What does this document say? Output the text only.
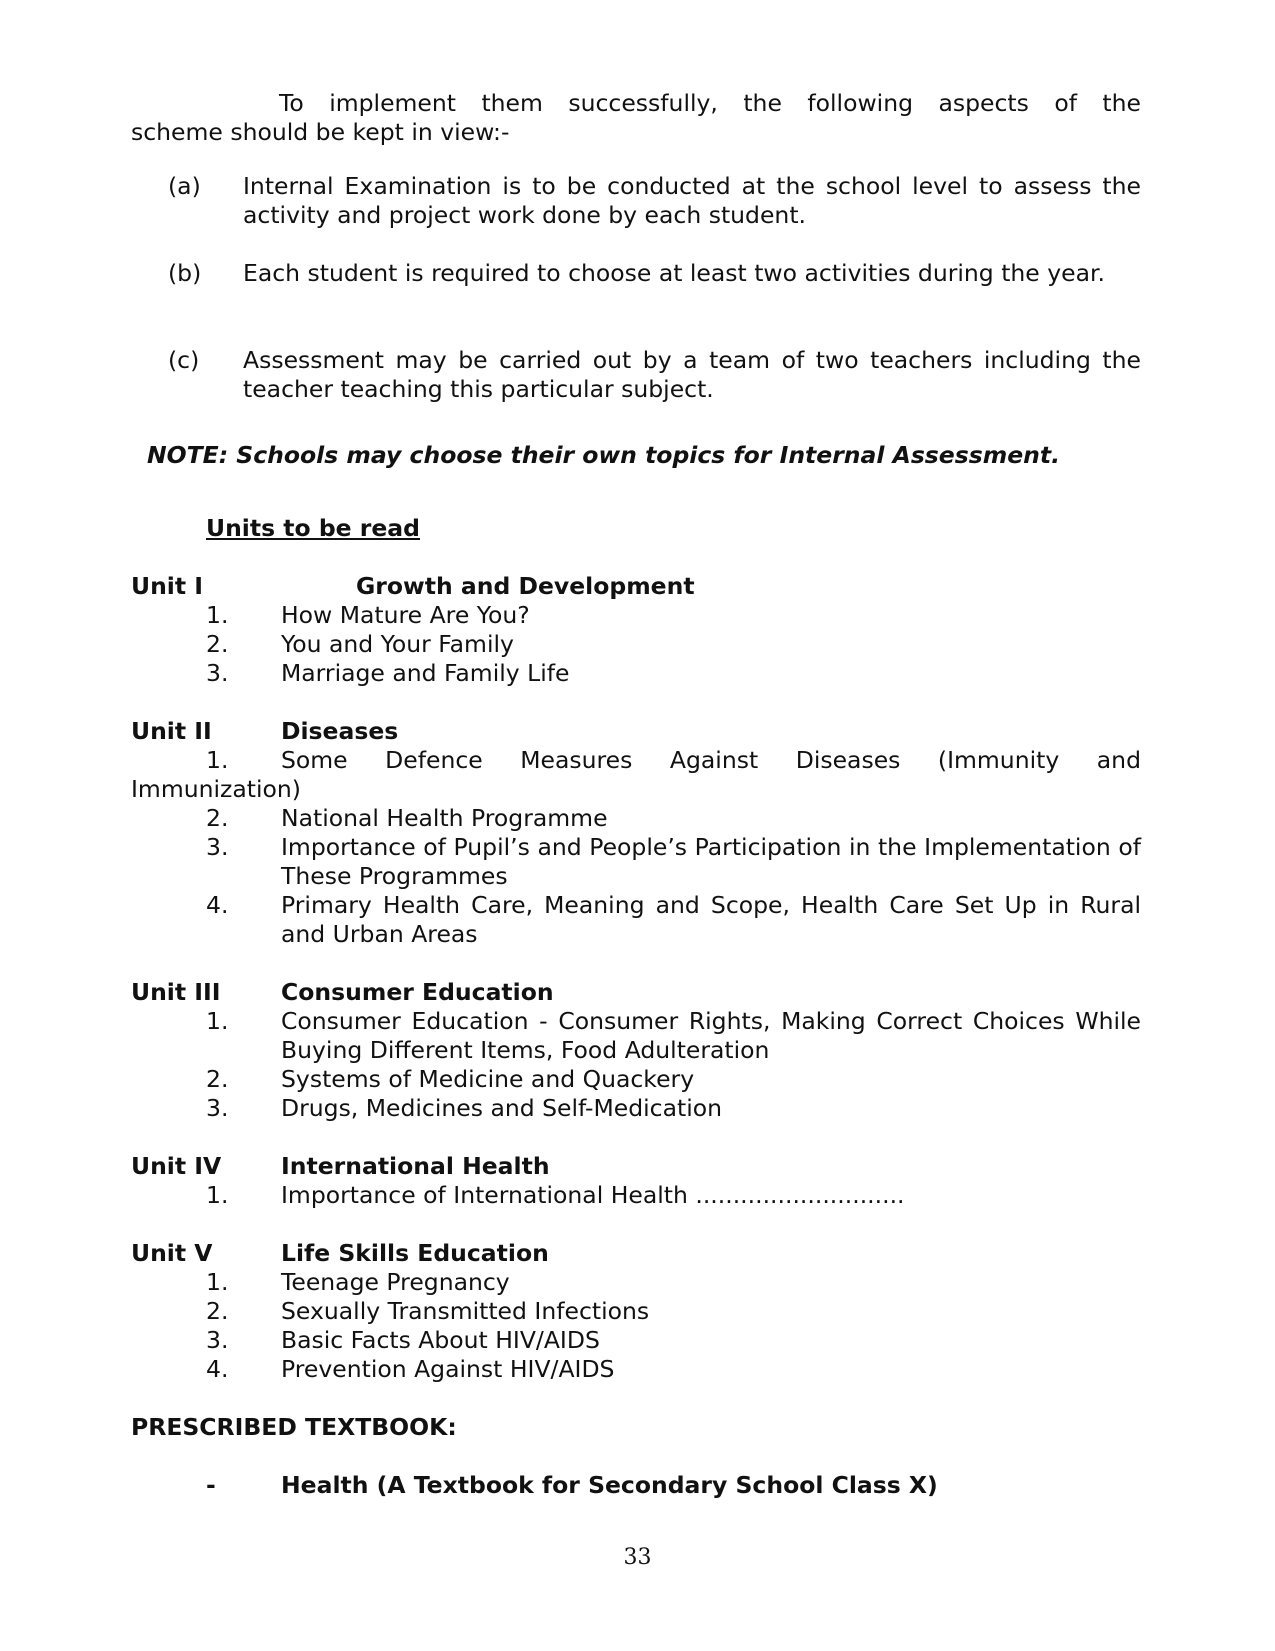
To implement them successfully, the following aspects of the
scheme should be kept in view:-
(a) Internal Examination is to be conducted at the school level to assess the activity and project work done by each student.
(b) Each student is required to choose at least two activities during the year.
(c) Assessment may be carried out by a team of two teachers including the teacher teaching this particular subject.
NOTE: Schools may choose their own topics for Internal Assessment.
Units to be read
Unit I	Growth and Development
1. How Mature Are You?
2. You and Your Family
3. Marriage and Family Life
Unit II	Diseases
1. Some Defence Measures Against Diseases (Immunity and
Immunization)
2. National Health Programme
3. Importance of Pupil’s and People’s Participation in the Implementation of These Programmes
4. Primary Health Care, Meaning and Scope, Health Care Set Up in Rural and Urban Areas
Unit III	Consumer Education
1. Consumer Education - Consumer Rights, Making Correct Choices While Buying Different Items, Food Adulteration
2. Systems of Medicine and Quackery
3. Drugs, Medicines and Self-Medication
Unit IV	International Health
1. Importance of International Health ............................
Unit V	Life Skills Education
1. Teenage Pregnancy
2. Sexually Transmitted Infections
3. Basic Facts About HIV/AIDS
4. Prevention Against HIV/AIDS
PRESCRIBED TEXTBOOK:
-	Health (A Textbook for Secondary School Class X)
33
